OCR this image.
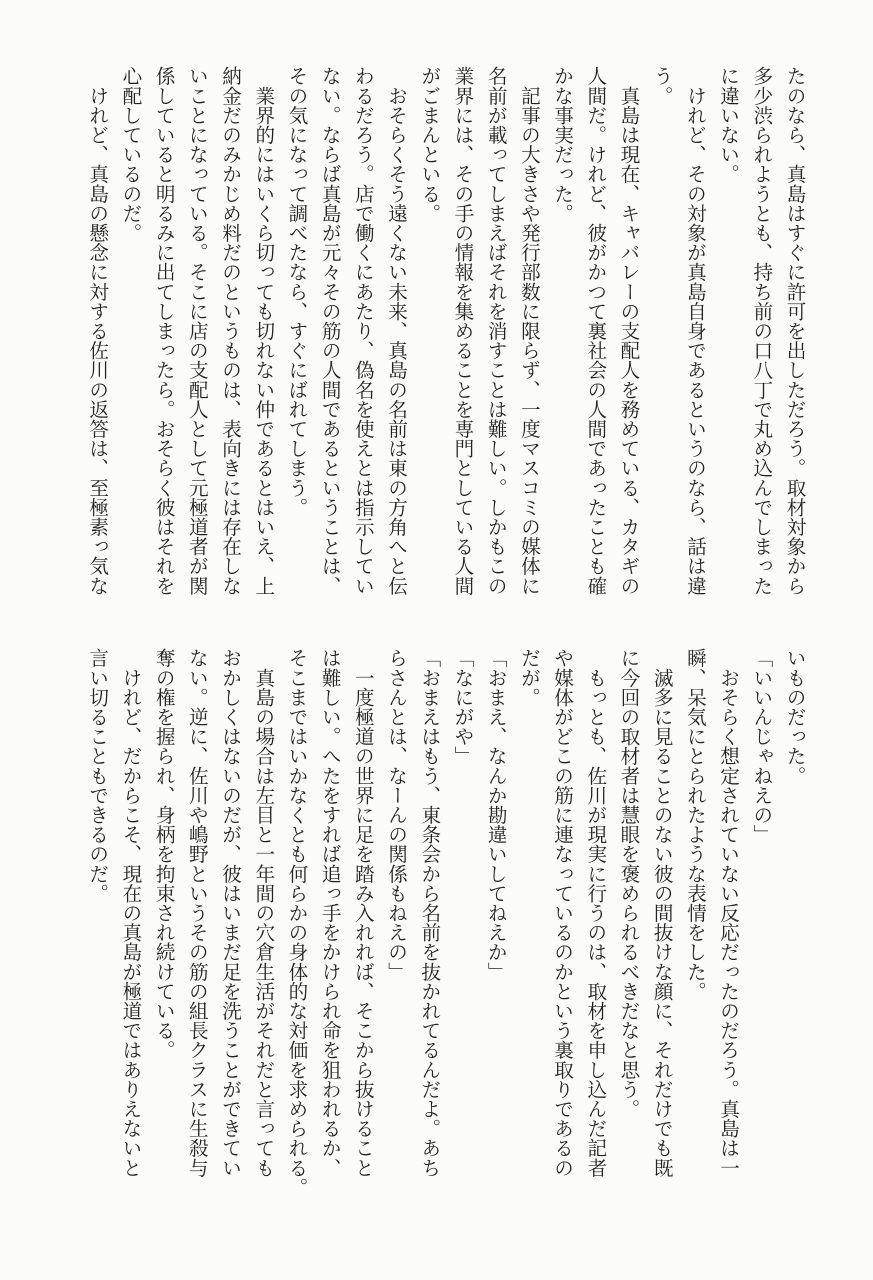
たのなら、真島はすぐに許可を出しただろう。取材対象から
多少渋られようとも、持ち前の口八丁で丸め込んでしまった
に違いない。
　けれど、その対象が真島自身であるというのなら、話は違
う。
　真島は現在、キャバレーの支配人を務めている、カタギの
人間だ。けれど、彼がかつて裏社会の人間であったことも確
かな事実だった。
　記事の大きさや発行部数に限らず、一度マスコミの媒体に
名前が載ってしまえばそれを消すことは難しい。しかもこの
業界には、その手の情報を集めることを専門としている人間
がごまんといる。
　おそらくそう遠くない未来、真島の名前は東の方角へと伝
わるだろう。店で働くにあたり、偽名を使えとは指示してい
ない。ならば真島が元々その筋の人間であるということは、
その気になって調べたなら、すぐにばれてしまう。
　業界的にはいくら切っても切れない仲であるとはいえ、上
納金だのみかじめ料だのというものは、表向きには存在しな
いことになっている。そこに店の支配人として元極道者が関
係していると明るみに出てしまったら。おそらく彼はそれを
心配しているのだ。
　けれど、真島の懸念に対する佐川の返答は、至極素っ気な
いものだった。
「いいんじゃねえの」
　おそらく想定されていない反応だったのだろう。真島は一
瞬、呆気にとられたような表情をした。
　滅多に見ることのない彼の間抜けな顔に、それだけでも既
に今回の取材者は慧眼を褒められるべきだなと思う。
　もっとも、佐川が現実に行うのは、取材を申し込んだ記者
や媒体がどこの筋に連なっているのかという裏取りであるの
だが。
「おまえ、なんか勘違いしてねえか」
「なにがや」
「おまえはもう、東条会から名前を抜かれてるんだよ。あち
らさんとは、なーんの関係もねえの」
　一度極道の世界に足を踏み入れれば、そこから抜けること
は難しい。へたをすれば追っ手をかけられ命を狙われるか、
そこまではいかなくとも何らかの身体的な対価を求められる。
　真島の場合は左目と一年間の穴倉生活がそれだと言っても
おかしくはないのだが、彼はいまだ足を洗うことができてい
ない。逆に、佐川や嶋野というその筋の組長クラスに生殺与
奪の権を握られ、身柄を拘束され続けている。
　けれど、だからこそ、現在の真島が極道ではありえないと
言い切ることもできるのだ。
